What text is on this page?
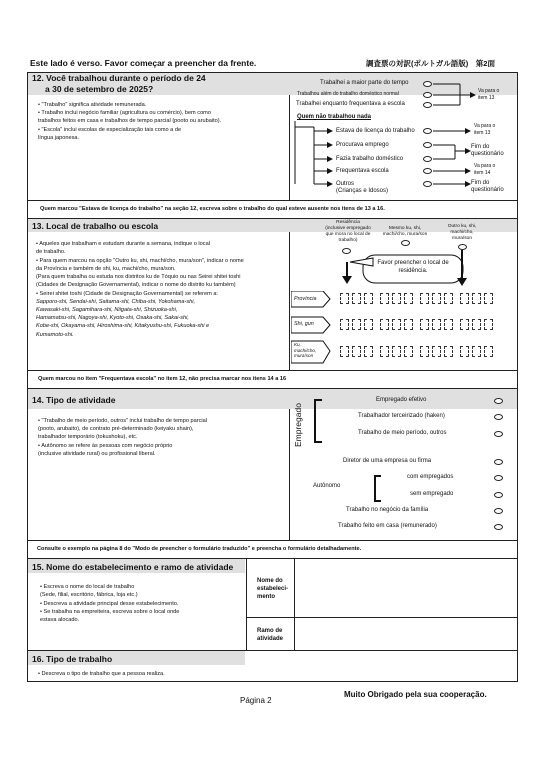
Este lado é verso. Favor começar a preencher da frente.	調査票の対訳(ポルトガル語版)　第2面
12. Você trabalhou durante o período de 24
a 30 de setembro de 2025?
• "Trabalho" significa atividade remunerada.
• Trabalho inclui negócio familiar (agricultura ou comércio), bem como
trabalhos feitos em casa e trabalhos de tempo parcial (pooto ou arubaito).
• "Escola" inclui escolas de especialização tais como a de
língua japonesa.
Trabalhei a maior parte do tempo
Trabalhou além do trabalho doméstico normal
Trabalhei enquanto frequentava a escola
Va para o
item 13
Quem não trabalhou nada
Estava de licença do trabalho
Va para o
item 13
Procurava emprego
Fazia trabalho doméstico
Fim do
questionário
Frequentava escola
Va para o
item 14
Outros
(Crianças e Idosos)
Fim do
questionário
Quem marcou "Estava de licença do trabalho" na seção 12, escreva sobre o trabalho do qual esteve ausente nos itens de 13 a 16.
13. Local de trabalho ou escola
• Aqueles que trabalham e estudam durante a semana, indique o local
de trabalho.
• Para quem marcou na opção "Outro ku, shi, machi/cho, mura/son", indicar o nome
da Província e também de shi, ku, machi/cho, mura/son.
(Para quem trabalha ou estuda nos distritos ku de Tóquio ou nas Seirei shitei toshi
(Cidades de Designação Governamental), indicar o nome do distrito ku também)
• Seirei shitei toshi (Cidade de Designação Governamental) se referem a:
Sapporo-shi, Sendai-shi, Saitama-shi, Chiba-shi, Yokohama-shi,
Kawasaki-shi, Sagamihara-shi, Niigata-shi, Shizuoka-shi,
Hamamatsu-shi, Nagoya-shi, Kyoto-shi, Osaka-shi, Sakai-shi,
Kobe-shi, Okayama-shi, Hiroshima-shi, Kitakyushu-shi, Fukuoka-shi e
Kumamoto-shi.
Residência
(inclusive empregado
que mora no local de
trabalho)
Mesmo ku, shi,
machi/cho, mura/son
Outro ku, shi,
machi/cho,
mura/son
Favor preencher o local de
residência.
Província
Shi, gun
Ku,
machi/cho,
mura/son
Quem marcou no item "Frequentava escola" no item 12, não precisa marcar nos itens 14 a 16
14. Tipo de atividade
• "Trabalho de meio período, outros" inclui trabalho de tempo parcial
(pooto, arubaito), de contrato pré-determinado (keiyaku shain),
trabalhador temporário (tokushoku), etc.
• Autônomo se refere às pessoas com negócio próprio
(inclusive atividade rural) ou profissional liberal.
Empregado
Empregado efetivo
Trabalhador terceirizado (haken)
Trabalho de meio período, outros
Diretor de uma empresa ou firma
Autônomo
com empregados
sem empregado
Trabalho no negócio da família
Trabalho feito em casa (remunerado)
Consulte o exemplo na página 8 do "Modo de preencher o formulário traduzido" e preencha o formulário detalhadamente.
15. Nome do estabelecimento e ramo de atividade
• Escreva o nome do local de trabalho
(Sede, filial, escritório, fábrica, loja etc.)
• Descreva a atividade principal desse estabelecimento.
• Se trabalha na empreiteira, escreva sobre o local onde
estava alocado.
Nome do
estabeleci-
mento
Ramo de
atividade
16. Tipo de trabalho
• Descreva o tipo de trabalho que a pessoa realiza.
Página 2
Muito Obrigado pela sua cooperação.
